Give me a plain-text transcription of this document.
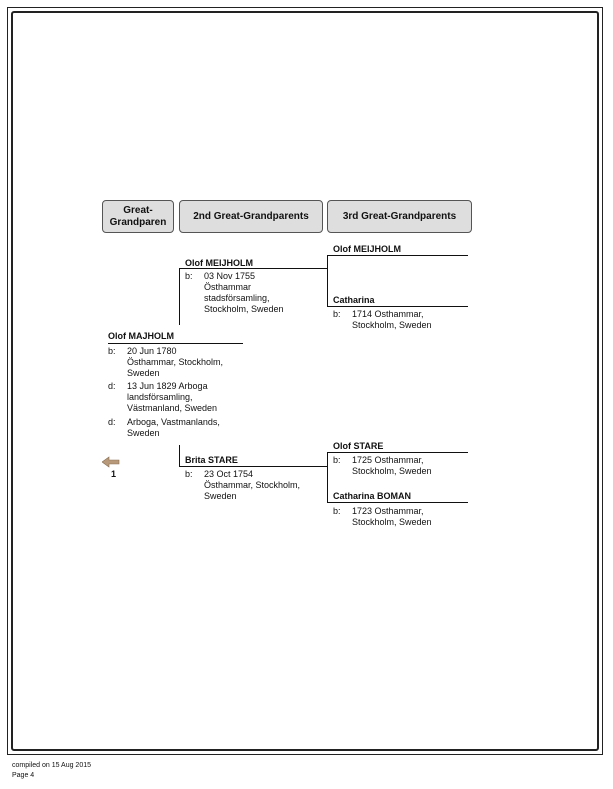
Great-
Grandparen
2nd Great-Grandparents	3rd Great-Grandparents
Olof MAJHOLM
b: 20 Jun 1780
Östhammar, Stockholm,
Sweden
d: 13 Jun 1829 Arboga
landsförsamling,
Västmanland, Sweden
d: Arboga, Vastmanlands,
Sweden
Olof MEIJHOLM
b: 03 Nov 1755
Östhammar
stadsförsamling,
Stockholm, Sweden
Brita STARE
b: 23 Oct 1754
Östhammar, Stockholm,
Sweden
Olof MEIJHOLM
Catharina
b: 1714 Osthammar,
Stockholm, Sweden
Olof STARE
b: 1725 Osthammar,
Stockholm, Sweden
Catharina BOMAN
b: 1723 Osthammar,
Stockholm, Sweden
1
compiled on 15 Aug 2015
Page 4
